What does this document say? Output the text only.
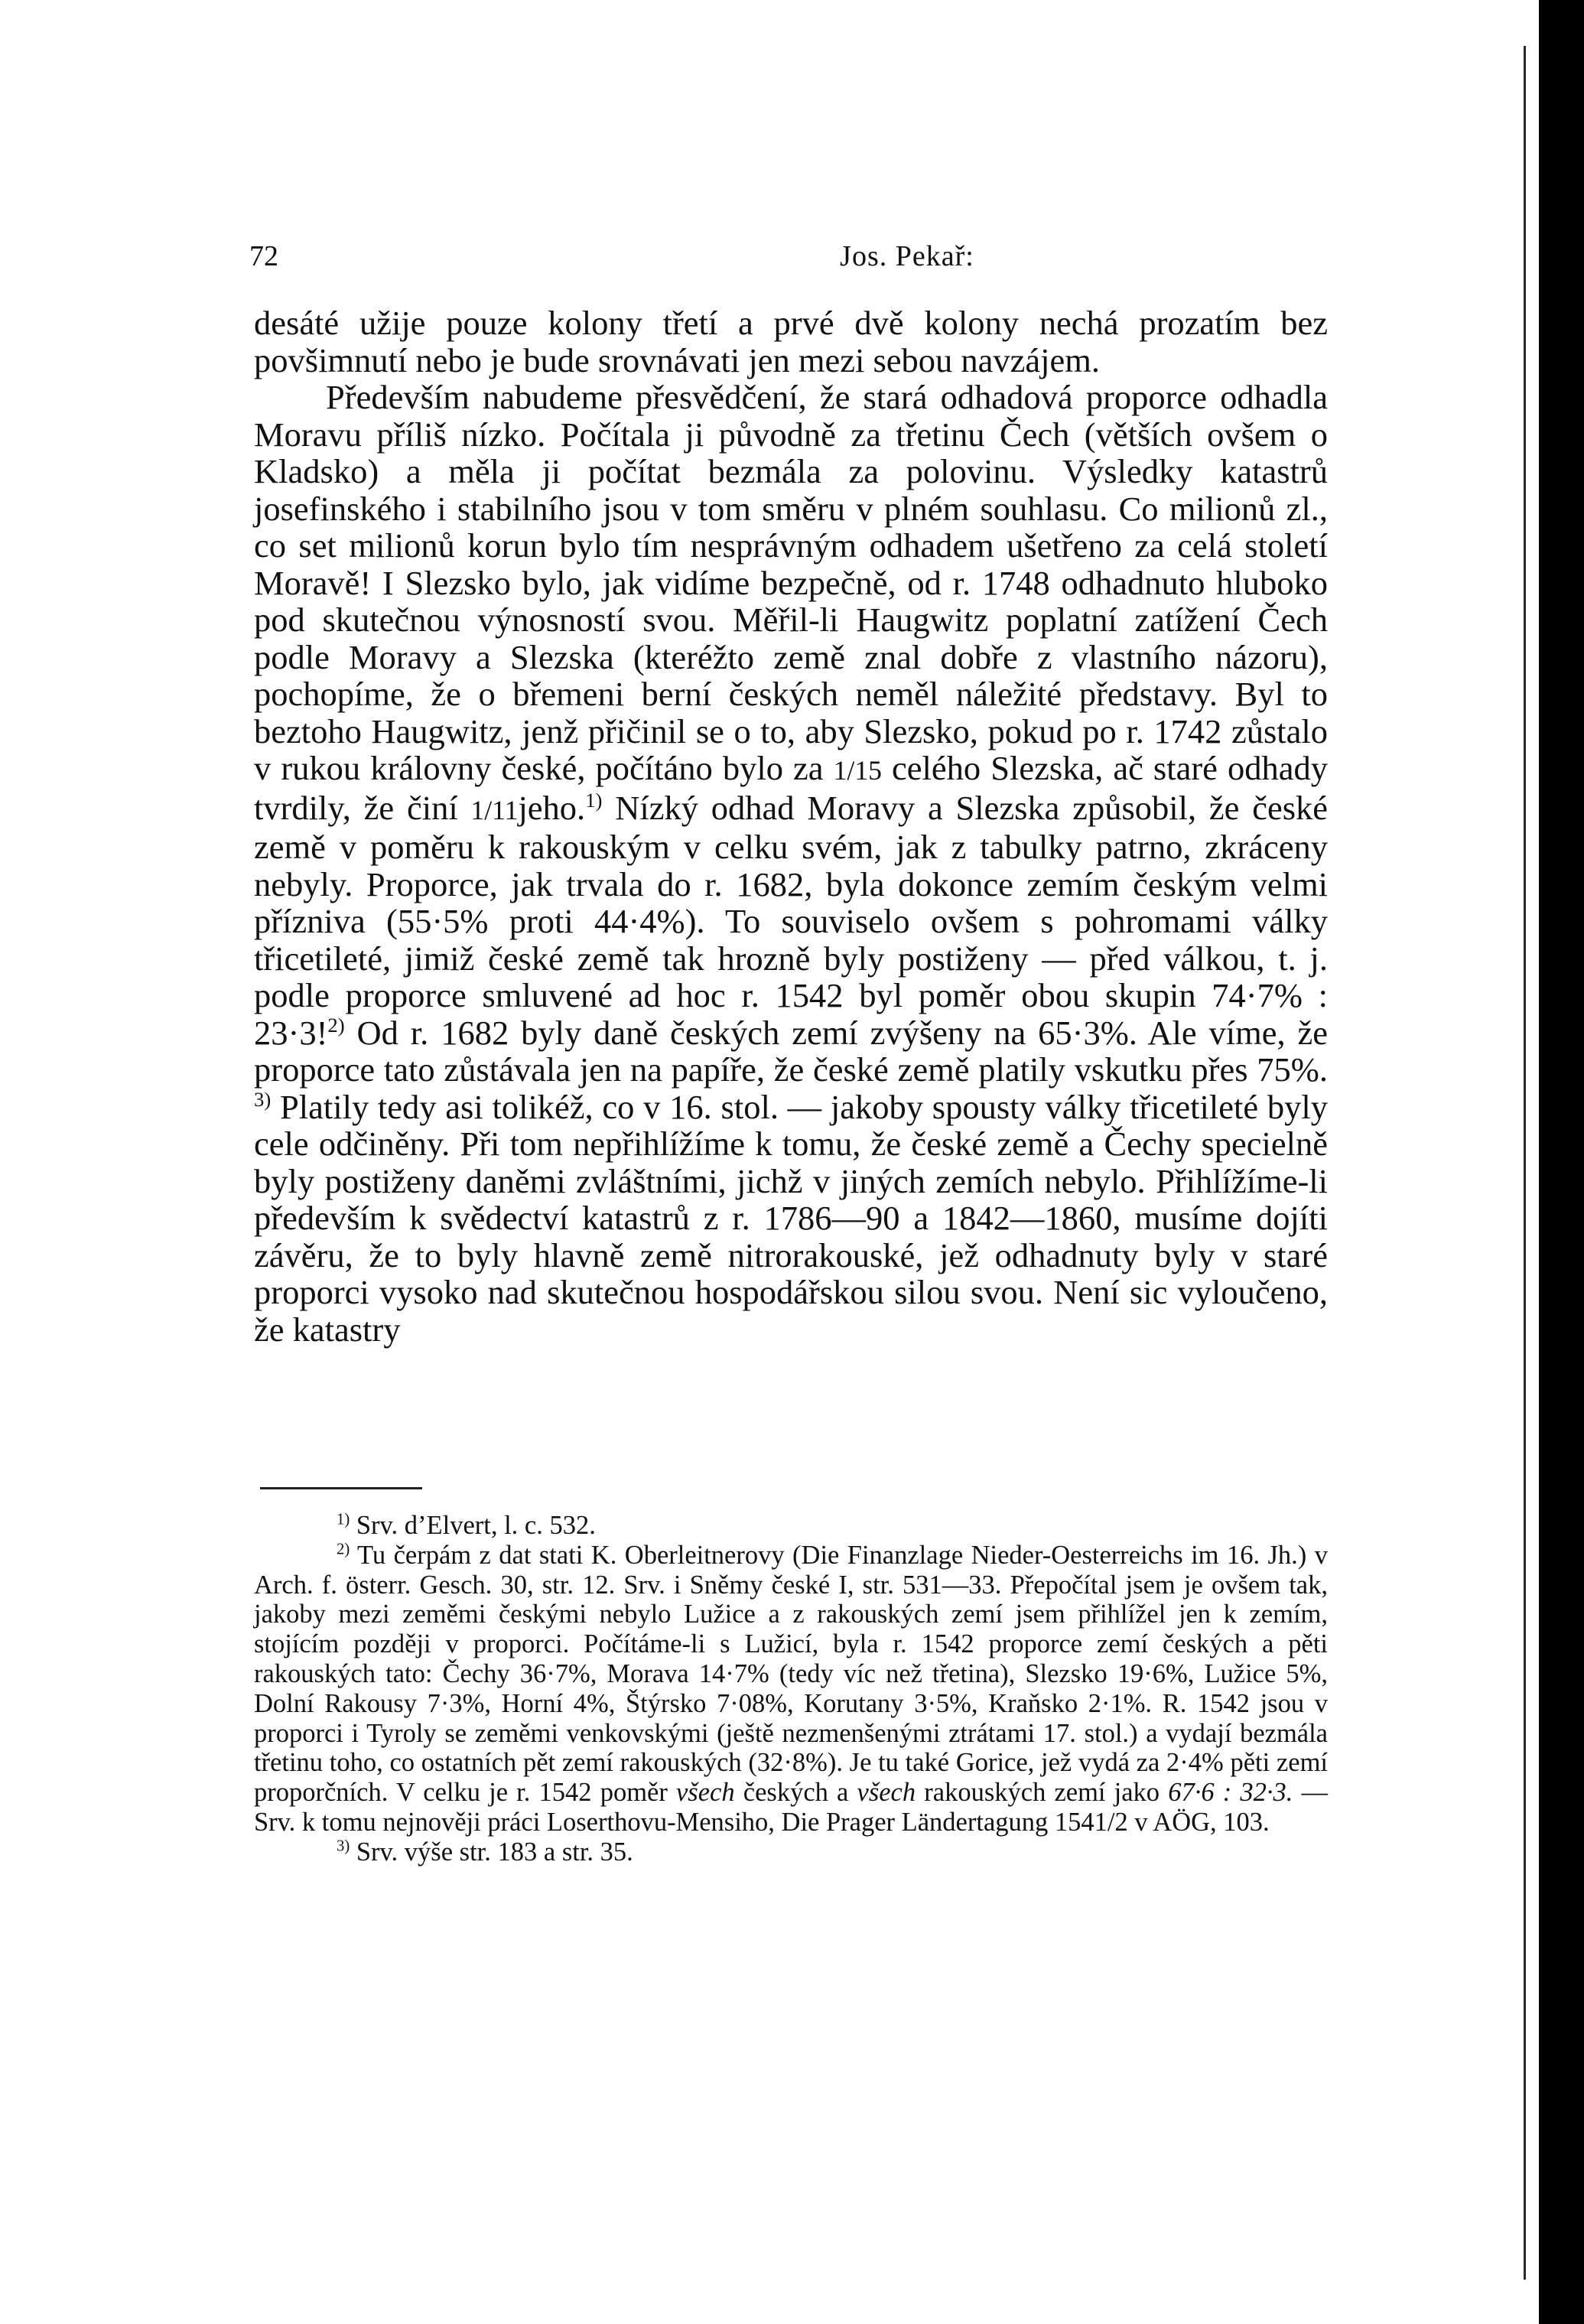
72	Jos. Pekař:

desáté užije pouze kolony třetí a prvé dvě kolony nechá prozatím bez povšimnutí nebo je bude srovnávati jen mezi sebou navzájem.

Především nabudeme přesvědčení, že stará odhadová proporce odhadla Moravu příliš nízko. Počítala ji původně za třetinu Čech (větších ovšem o Kladsko) a měla ji počítat bezmála za polovinu. Výsledky katastrů josefinského i stabilního jsou v tom směru v plném souhlasu. Co milionů zl., co set milionů korun bylo tím nesprávným odhadem ušetřeno za celá století Moravě! I Slezsko bylo, jak vidíme bezpečně, od r. 1748 odhadnuto hluboko pod skutečnou výnosností svou. Měřil-li Haugwitz poplatní zatížení Čech podle Moravy a Slezska (kteréžto země znal dobře z vlastního názoru), pochopíme, že o břemeni berní českých neměl náležité představy. Byl to beztoho Haugwitz, jenž přičinil se o to, aby Slezsko, pokud po r. 1742 zůstalo v rukou královny české, počítáno bylo za 1/15 celého Slezska, ač staré odhady tvrdily, že činí 1/11jeho.$^{1)}$ Nízký odhad Moravy a Slezska způsobil, že české země v poměru k rakouským v celku svém, jak z tabulky patrno, zkráceny nebyly. Proporce, jak trvala do r. 1682, byla dokonce zemím českým velmi přízniva (55·5% proti 44·4%). To souviselo ovšem s pohromami války třicetileté, jimiž české země tak hrozně byly postiženy — před válkou, t. j. podle proporce smluvené ad hoc r. 1542 byl poměr obou skupin 74·7% : 23·3!$^{2)}$ Od r. 1682 byly daně českých zemí zvýšeny na 65·3%. Ale víme, že proporce tato zůstávala jen na papíře, že české země platily vskutku přes 75%. $^{3)}$ Platily tedy asi tolikéž, co v 16. stol. — jakoby spousty války třicetileté byly cele odčiněny. Při tom nepřihlížíme k tomu, že české země a Čechy specielně byly postiženy daněmi zvláštními, jichž v jiných zemích nebylo. Přihlížíme-li především k svědectví katastrů z r. 1786—90 a 1842—1860, musíme dojíti závěru, že to byly hlavně země nitrorakouské, jež odhadnuty byly v staré proporci vysoko nad skutečnou hospodářskou silou svou. Není sic vyloučeno, že katastry

$^{1)}$ Srv. d’Elvert, l. c. 532.

$^{2)}$ Tu čerpám z dat stati K. Oberleitnerovy (Die Finanzlage Nieder-Oesterreichs im 16. Jh.) v Arch. f. österr. Gesch. 30, str. 12. Srv. i Sněmy české I, str. 531—33. Přepočítal jsem je ovšem tak, jakoby mezi zeměmi českými nebylo Lužice a z rakouských zemí jsem přihlížel jen k zemím, stojícím později v proporci. Počítáme-li s Lužicí, byla r. 1542 proporce zemí českých a pěti rakouských tato: Čechy 36·7%, Morava 14·7% (tedy víc než třetina), Slezsko 19·6%, Lužice 5%, Dolní Rakousy 7·3%, Horní 4%, Štýrsko 7·08%, Korutany 3·5%, Kraňsko 2·1%. R. 1542 jsou v proporci i Tyroly se zeměmi venkovskými (ještě nezmenšenými ztrátami 17. stol.) a vydají bezmála třetinu toho, co ostatních pět zemí rakouských (32·8%). Je tu také Gorice, jež vydá za 2·4% pěti zemí proporčních. V celku je r. 1542 poměr všech českých a všech rakouských zemí jako 67·6 : 32·3. — Srv. k tomu nejnověji práci Loserthovu-Mensiho, Die Prager Ländertagung 1541/2 v AÖG, 103.

$^{3)}$ Srv. výše str. 183 a str. 35.
